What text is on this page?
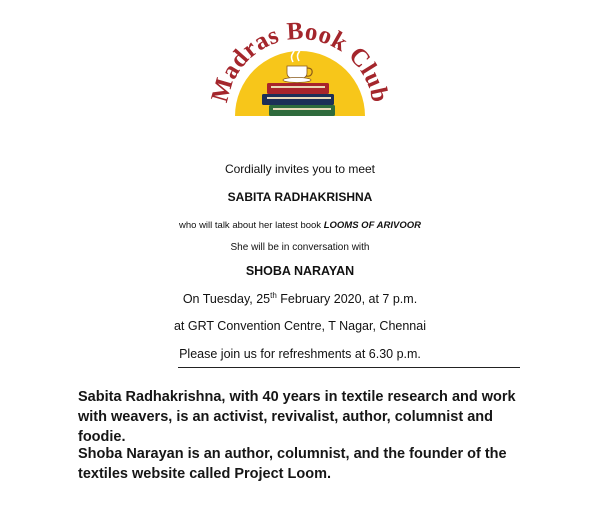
Madras Book Club
Cordially invites you to meet
SABITA RADHAKRISHNA
who will talk about her latest book LOOMS OF ARIVOOR
She will be in conversation with
SHOBA NARAYAN
On Tuesday, 25th February 2020, at 7 p.m.
at GRT Convention Centre, T Nagar, Chennai
Please join us for refreshments at 6.30 p.m.
Sabita Radhakrishna, with 40 years in textile research and work with weavers, is an activist, revivalist, author, columnist and foodie.
Shoba Narayan is an author, columnist, and the founder of the textiles website called Project Loom.
